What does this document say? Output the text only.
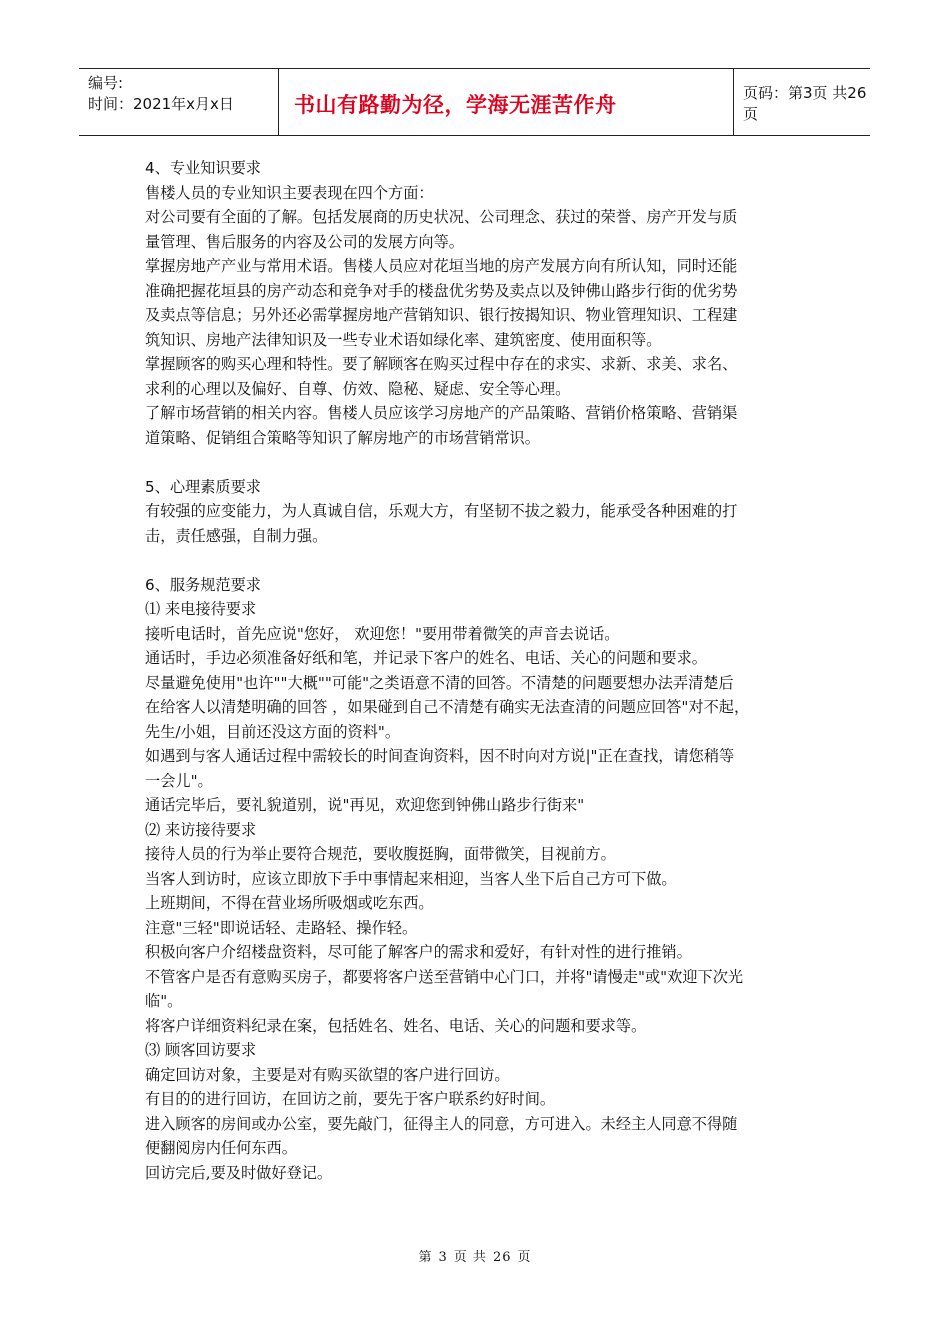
编号:
时间：2021年x月x日	书山有路勤为径，学海无涯苦作舟	页码：第3页 共26页
4、专业知识要求
售楼人员的专业知识主要表现在四个方面：
对公司要有全面的了解。包括发展商的历史状况、公司理念、获过的荣誉、房产开发与质
量管理、售后服务的内容及公司的发展方向等。
掌握房地产产业与常用术语。售楼人员应对花垣当地的房产发展方向有所认知，同时还能
准确把握花垣县的房产动态和竞争对手的楼盘优劣势及卖点以及钟佛山路步行街的优劣势
及卖点等信息；另外还必需掌握房地产营销知识、银行按揭知识、物业管理知识、工程建
筑知识、房地产法律知识及一些专业术语如绿化率、建筑密度、使用面积等。
掌握顾客的购买心理和特性。要了解顾客在购买过程中存在的求实、求新、求美、求名、
求利的心理以及偏好、自尊、仿效、隐秘、疑虑、安全等心理。
了解市场营销的相关内容。售楼人员应该学习房地产的产品策略、营销价格策略、营销渠
道策略、促销组合策略等知识了解房地产的市场营销常识。
5、心理素质要求
有较强的应变能力，为人真诚自信，乐观大方，有坚韧不拔之毅力，能承受各种困难的打
击，责任感强，自制力强。
6、服务规范要求
⑴ 来电接待要求
接听电话时，首先应说"您好， 欢迎您！"要用带着微笑的声音去说话。
通话时，手边必须准备好纸和笔，并记录下客户的姓名、电话、关心的问题和要求。
尽量避免使用"也许""大概""可能"之类语意不清的回答。不清楚的问题要想办法弄清楚后
在给客人以清楚明确的回答 ，如果碰到自己不清楚有确实无法查清的问题应回答"对不起，
先生/小姐，目前还没这方面的资料"。
如遇到与客人通话过程中需较长的时间查询资料，因不时向对方说|"正在查找，请您稍等
一会儿"。
通话完毕后，要礼貌道别，说"再见，欢迎您到钟佛山路步行街来"
⑵ 来访接待要求
接待人员的行为举止要符合规范，要收腹挺胸，面带微笑，目视前方。
当客人到访时，应该立即放下手中事情起来相迎，当客人坐下后自己方可下做。
上班期间，不得在营业场所吸烟或吃东西。
注意"三轻"即说话轻、走路轻、操作轻。
积极向客户介绍楼盘资料，尽可能了解客户的需求和爱好，有针对性的进行推销。
不管客户是否有意购买房子，都要将客户送至营销中心门口，并将"请慢走"或"欢迎下次光
临"。
将客户详细资料纪录在案，包括姓名、姓名、电话、关心的问题和要求等。
⑶ 顾客回访要求
确定回访对象，主要是对有购买欲望的客户进行回访。
有目的的进行回访，在回访之前，要先于客户联系约好时间。
进入顾客的房间或办公室，要先敲门，征得主人的同意，方可进入。未经主人同意不得随
便翻阅房内任何东西。
回访完后,要及时做好登记。
第 3 页 共 26 页
